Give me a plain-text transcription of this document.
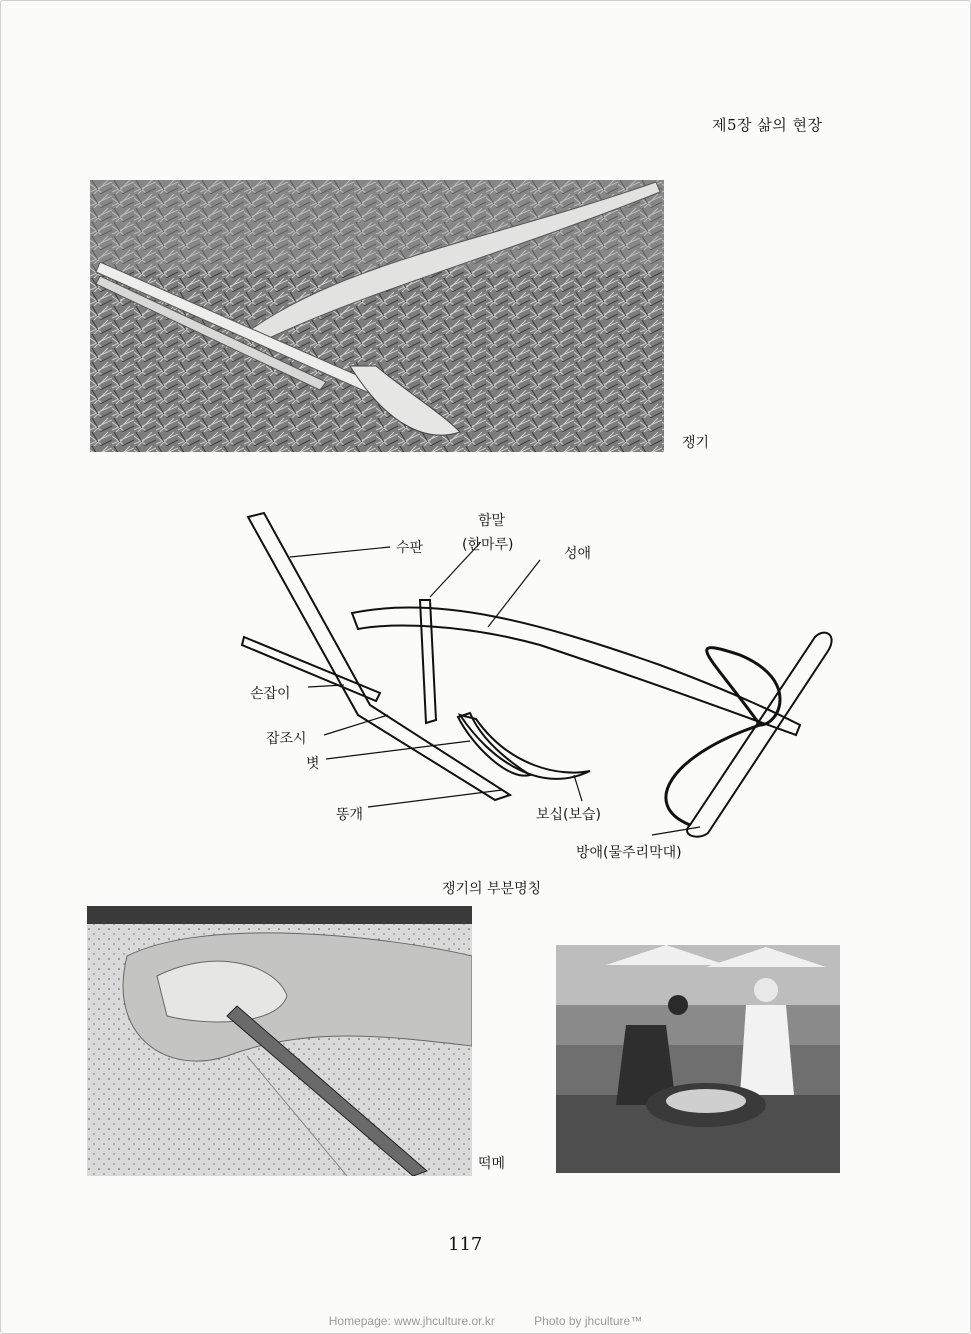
제5장 삶의 현장
쟁기
수판
함말
(한마루)
성애
손잡이
잡조시
볏
똥개	보십(보습)
방애(물주리막대)
쟁기의 부분명칭
떡메
117
Homepage: www.jhculture.or.kr	Photo by jhculture™
